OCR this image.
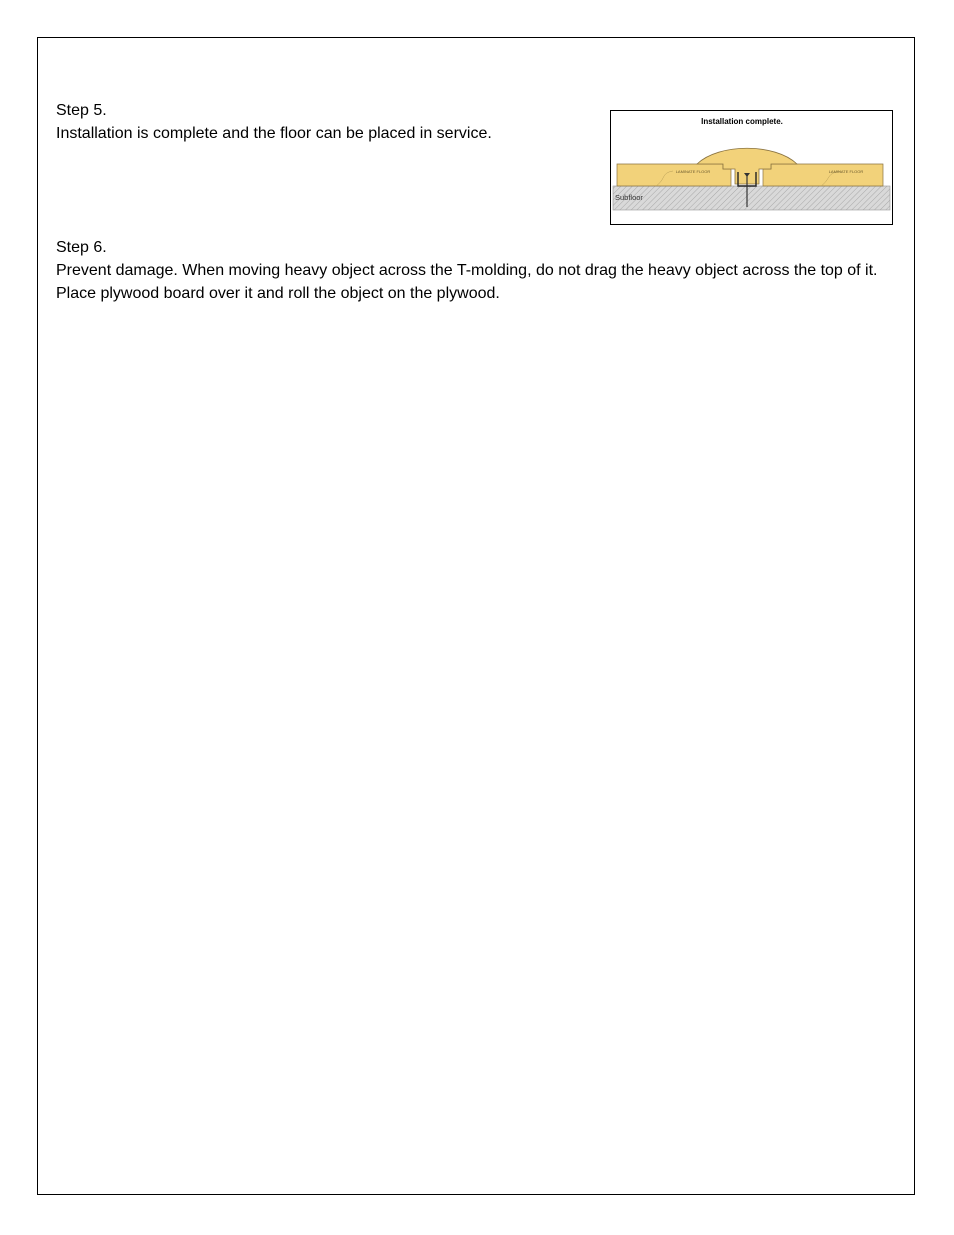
Step 5.

Installation is complete and the floor can be placed in service.

Installation complete.
Subfloor
LAMINATE FLOOR	LAMINATE FLOOR

Step 6.

Prevent damage. When moving heavy object across the T-molding, do not drag the heavy object across the top of it. Place plywood board over it and roll the object on the plywood.
